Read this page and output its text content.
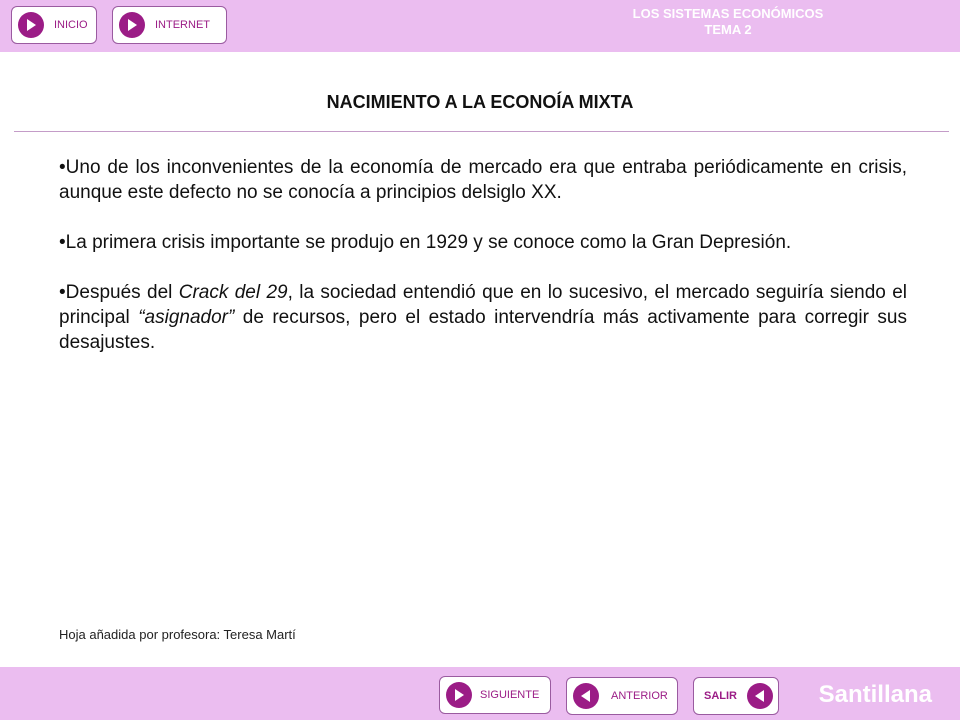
INICIO	INTERNET
LOS SISTEMAS ECONÓMICOS
TEMA 2
NACIMIENTO A LA ECONOÍA MIXTA

•Uno de los inconvenientes de la economía de mercado era que entraba periódicamente en crisis, aunque este defecto no se conocía a principios delsiglo XX.

•La primera crisis importante se produjo en 1929 y se conoce como la Gran Depresión.

•Después del Crack del 29, la sociedad entendió que en lo sucesivo, el mercado seguiría siendo el principal “asignador” de recursos, pero el estado intervendría más activamente para corregir sus desajustes.

Hoja añadida por profesora: Teresa Martí
SIGUIENTE	ANTERIOR	SALIR	Santillana
